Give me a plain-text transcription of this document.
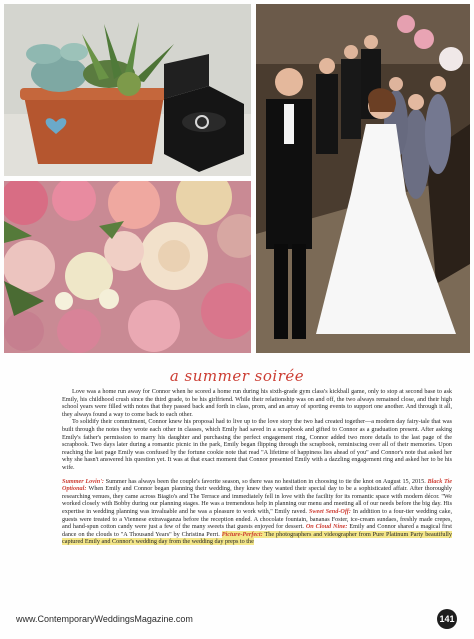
a summer soirée

Love was a home run away for Connor when he scored a home run during his sixth-grade gym class's kickball game, only to stop at second base to ask Emily, his childhood crush since the third grade, to be his girlfriend. While their relationship was on and off, the two always remained close, and their high school years were filled with notes that they passed back and forth in class, prom, and an array of sporting events to support one another. And through it all, they always found a way to come back to each other.

To solidify their commitment, Connor knew his proposal had to live up to the love story the two had created together—a modern day fairy-tale that was built through the notes they wrote each other in classes, which Emily had saved in a scrapbook and gifted to Connor as a graduation present. After asking Emily's father's permission to marry his daughter and purchasing the perfect engagement ring, Connor added two more details to the last page of the scrapbook. Two days later during a romantic picnic in the park, Emily began flipping through the scrapbook, reminiscing over all of their memories. Upon reaching the last page Emily was confused by the fortune cookie note that read "A lifetime of happiness lies ahead of you" and Connor's note that asked her why she hasn't answered his question yet. It was at that exact moment that Connor presented Emily with a dazzling engagement ring and asked her to be his wife.

Summer Lovin': Summer has always been the couple's favorite season, so there was no hesitation in choosing to tie the knot on August 15, 2015. Black Tie Optional: When Emily and Connor began planning their wedding, they knew they wanted their special day to be a sophisticated affair. After thoroughly researching venues, they came across Biagio's and The Terrace and immediately fell in love with the facility for its romantic space with modern décor. "We worked closely with Bobby during our planning stages. He was a tremendous help in planning our menu and meeting all of our needs before the big day. His expertise in wedding planning was invaluable and he was a pleasure to work with," Emily raved. Sweet Send-Off: In addition to a four-tier wedding cake, guests were treated to a Viennese extravaganza before the reception ended. A chocolate fountain, bananas Foster, ice-cream sundaes, freshly made crepes, and hand-spun cotton candy were just a few of the many sweets that guests enjoyed for dessert. On Cloud Nine: Emily and Connor shared a magical first dance on the clouds to "A Thousand Years" by Christina Perri. Picture-Perfect: The photographers and videographer from Pure Platinum Party beautifully captured Emily and Connor's wedding day from the wedding day preps to the

www.ContemporaryWeddingsMagazine.com	141
